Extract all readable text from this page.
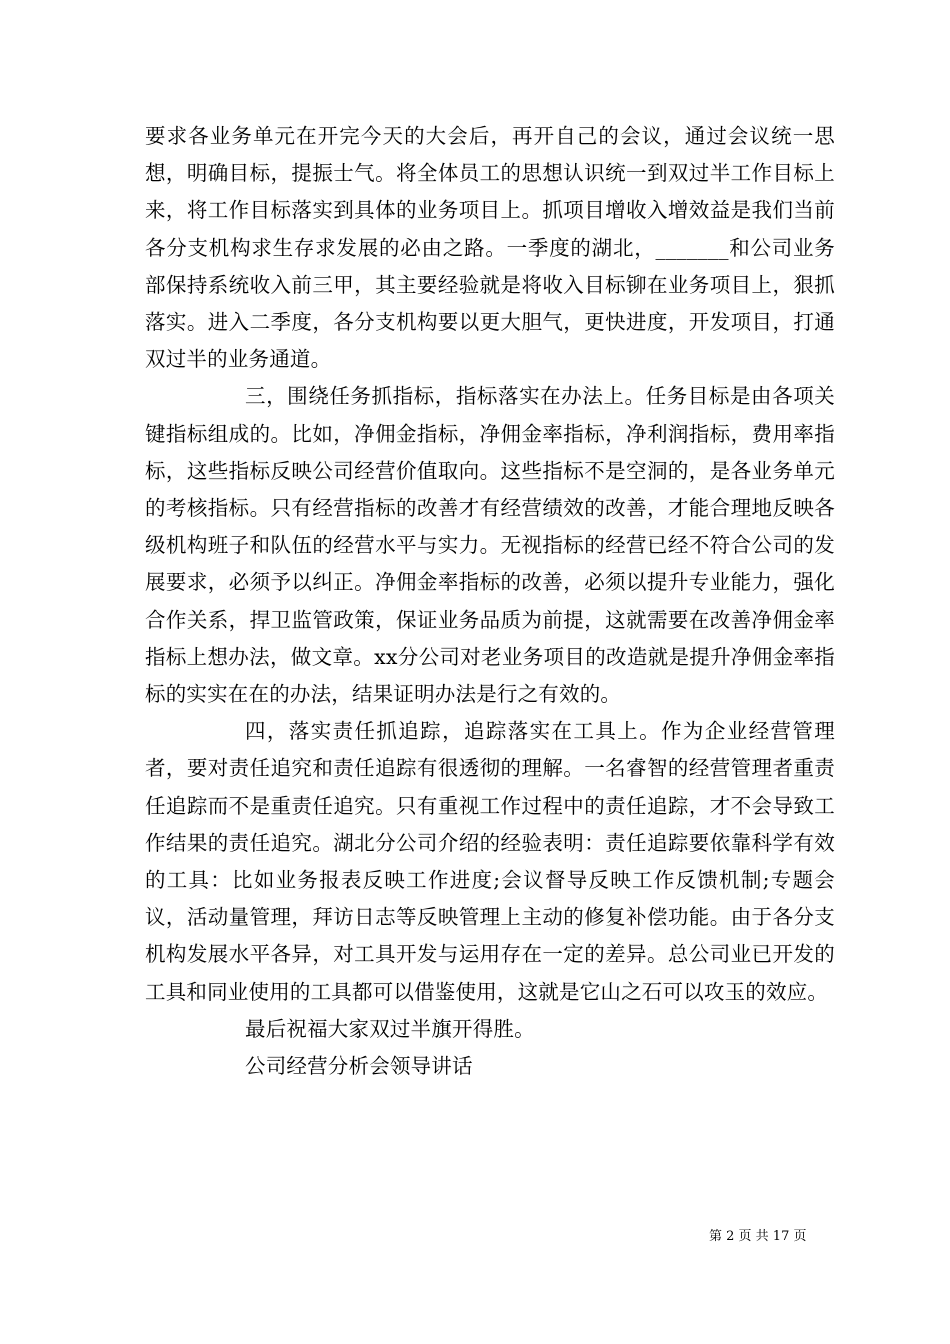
要求各业务单元在开完今天的大会后，再开自己的会议，通过会议统一思想，明确目标，提振士气。将全体员工的思想认识统一到双过半工作目标上来，将工作目标落实到具体的业务项目上。抓项目增收入增效益是我们当前各分支机构求生存求发展的必由之路。一季度的湖北，_______和公司业务部保持系统收入前三甲，其主要经验就是将收入目标铆在业务项目上，狠抓落实。进入二季度，各分支机构要以更大胆气，更快进度，开发项目，打通双过半的业务通道。

三，围绕任务抓指标，指标落实在办法上。任务目标是由各项关键指标组成的。比如，净佣金指标，净佣金率指标，净利润指标，费用率指标，这些指标反映公司经营价值取向。这些指标不是空洞的，是各业务单元的考核指标。只有经营指标的改善才有经营绩效的改善，才能合理地反映各级机构班子和队伍的经营水平与实力。无视指标的经营已经不符合公司的发展要求，必须予以纠正。净佣金率指标的改善，必须以提升专业能力，强化合作关系，捍卫监管政策，保证业务品质为前提，这就需要在改善净佣金率指标上想办法，做文章。xx分公司对老业务项目的改造就是提升净佣金率指标的实实在在的办法，结果证明办法是行之有效的。

四，落实责任抓追踪，追踪落实在工具上。作为企业经营管理者，要对责任追究和责任追踪有很透彻的理解。一名睿智的经营管理者重责任追踪而不是重责任追究。只有重视工作过程中的责任追踪，才不会导致工作结果的责任追究。湖北分公司介绍的经验表明：责任追踪要依靠科学有效的工具：比如业务报表反映工作进度;会议督导反映工作反馈机制;专题会议，活动量管理，拜访日志等反映管理上主动的修复补偿功能。由于各分支机构发展水平各异，对工具开发与运用存在一定的差异。总公司业已开发的工具和同业使用的工具都可以借鉴使用，这就是它山之石可以攻玉的效应。

最后祝福大家双过半旗开得胜。

公司经营分析会领导讲话

第 2 页 共 17 页
